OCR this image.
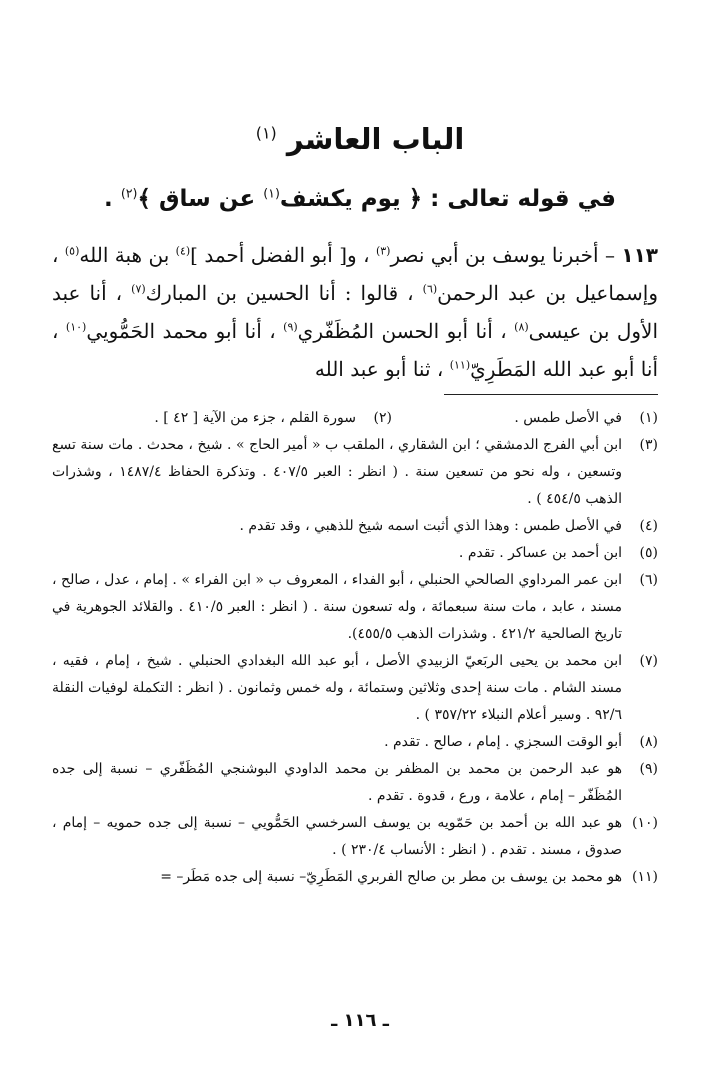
الباب العاشر $^{(١)}$
في قوله تعالى : ﴿ يوم يكشف$^{(١)}$ عن ساق ﴾$^{(٢)}$ .

١١٣ – أخبرنا يوسف بن أبي نصر$^{(٣)}$ ، و[ أبو الفضل أحمد ]$^{(٤)}$ بن هبة الله$^{(٥)}$ ، وإسماعيل بن عبد الرحمن$^{(٦)}$ ، قالوا : أنا الحسين بن المبارك$^{(٧)}$ ، أنا عبد الأول بن عيسى$^{(٨)}$ ، أنا أبو الحسن المُظَفّري$^{(٩)}$ ، أنا أبو محمد الحَمُّويي$^{(١٠)}$ ، أنا أبو عبد الله المَطَرِيّ$^{(١١)}$ ، ثنا أبو عبد الله

(١)في الأصل طمس .(٢)سورة القلم ، جزء من الآية [ ٤٢ ] .
(٣)
ابن أبي الفرج الدمشقي ؛ ابن الشقاري ، الملقب ب « أمير الحاج » . شيخ ، محدث . مات سنة تسع وتسعين ، وله نحو من تسعين سنة . ( انظر : العبر ٤٠٧/٥ . وتذكرة الحفاظ ١٤٨٧/٤ ، وشذرات الذهب ٤٥٤/٥ ) .
(٤)
في الأصل طمس : وهذا الذي أثبت اسمه شيخ للذهبي ، وقد تقدم .
(٥)
ابن أحمد بن عساكر . تقدم .
(٦)
ابن عمر المرداوي الصالحي الحنبلي ، أبو الفداء ، المعروف ب « ابن الفراء » . إمام ، عدل ، صالح ، مسند ، عابد ، مات سنة سبعمائة ، وله تسعون سنة . ( انظر : العبر ٤١٠/٥ . والقلائد الجوهرية في تاريخ الصالحية ٤٢١/٢ . وشذرات الذهب ٤٥٥/٥).
(٧)
ابن محمد بن يحيى الربَعيّ الزبيدي الأصل ، أبو عبد الله البغدادي الحنبلي . شيخ ، إمام ، فقيه ، مسند الشام . مات سنة إحدى وثلاثين وستمائة ، وله خمس وثمانون . ( انظر : التكملة لوفيات النقلة ٩٢/٦ . وسير أعلام النبلاء ٣٥٧/٢٢ ) .
(٨)
أبو الوقت السجزي . إمام ، صالح . تقدم .
(٩)
هو عبد الرحمن بن محمد بن المظفر بن محمد الداودي البوشنجي المُظَفّري – نسبة إلى جده المُظَفّر – إمام ، علامة ، ورع ، قدوة . تقدم .
(١٠)
هو عبد الله بن أحمد بن حَمّويه بن يوسف السرخسي الحَمُّويي – نسبة إلى جده حمويه – إمام ، صدوق ، مسند . تقدم . ( انظر : الأنساب ٢٣٠/٤ ) .
(١١)
هو محمد بن يوسف بن مطر بن صالح الفربري المَطَرِيّ– نسبة إلى جده مَطَر– =
ـ ١١٦ ـ
